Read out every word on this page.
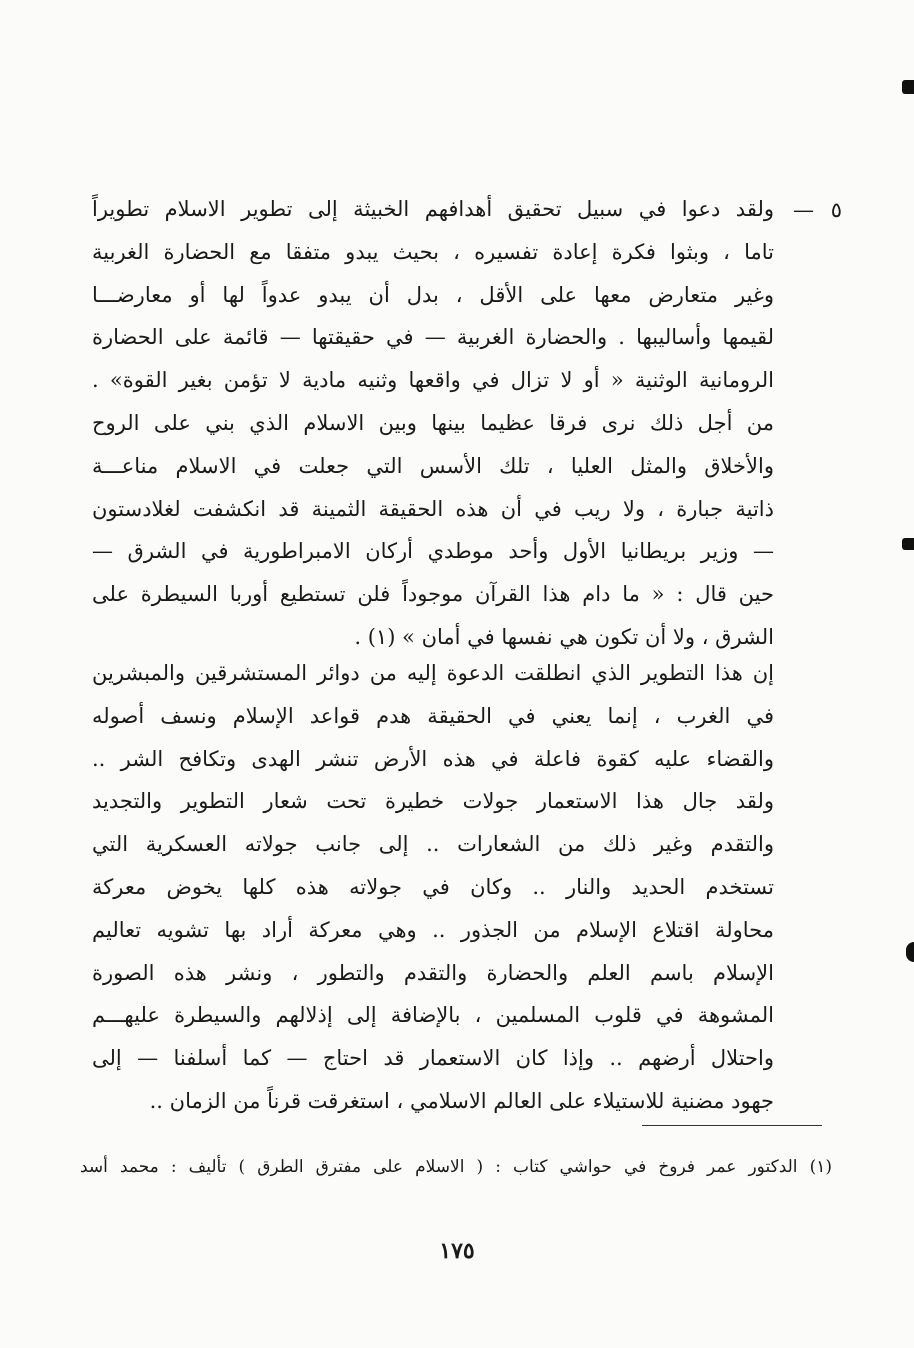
٥ —
ولقد دعوا في سبيل تحقيق أهدافهم الخبيثة إلى تطوير الاسلام تطويراً
تاما ، وبثوا فكرة إعادة تفسيره ، بحيث يبدو متفقا مع الحضارة الغربية
وغير متعارض معها على الأقل ، بدل أن يبدو عدواً لها أو معارضـــا
لقيمها وأساليبها . والحضارة الغربية — في حقيقتها — قائمة على الحضارة
الرومانية الوثنية « أو لا تزال في واقعها وثنيه مادية لا تؤمن بغير القوة» .
من أجل ذلك نرى فرقا عظيما بينها وبين الاسلام الذي بني على الروح
والأخلاق والمثل العليا ، تلك الأسس التي جعلت في الاسلام مناعـــة
ذاتية جبارة ، ولا ريب في أن هذه الحقيقة الثمينة قد انكشفت لغلادستون
— وزير بريطانيا الأول وأحد موطدي أركان الامبراطورية في الشرق —
حين قال : « ما دام هذا القرآن موجوداً فلن تستطيع أوربا السيطرة على
الشرق ، ولا أن تكون هي نفسها في أمان » (١) .
إن هذا التطوير الذي انطلقت الدعوة إليه من دوائر المستشرقين والمبشرين
في الغرب ، إنما يعني في الحقيقة هدم قواعد الإسلام ونسف أصوله
والقضاء عليه كقوة فاعلة في هذه الأرض تنشر الهدى وتكافح الشر ..
ولقد جال هذا الاستعمار جولات خطيرة تحت شعار التطوير والتجديد
والتقدم وغير ذلك من الشعارات .. إلى جانب جولاته العسكرية التي
تستخدم الحديد والنار .. وكان في جولاته هذه كلها يخوض معركة
محاولة اقتلاع الإسلام من الجذور .. وهي معركة أراد بها تشويه تعاليم
الإسلام باسم العلم والحضارة والتقدم والتطور ، ونشر هذه الصورة
المشوهة في قلوب المسلمين ، بالإضافة إلى إذلالهم والسيطرة عليهـــم
واحتلال أرضهم .. وإذا كان الاستعمار قد احتاج — كما أسلفنا — إلى
جهود مضنية للاستيلاء على العالم الاسلامي ، استغرقت قرناً من الزمان ..
(١) الدكتور عمر فروخ في حواشي كتاب : ( الاسلام على مفترق الطرق ) تأليف : محمد أسد
١٧٥
